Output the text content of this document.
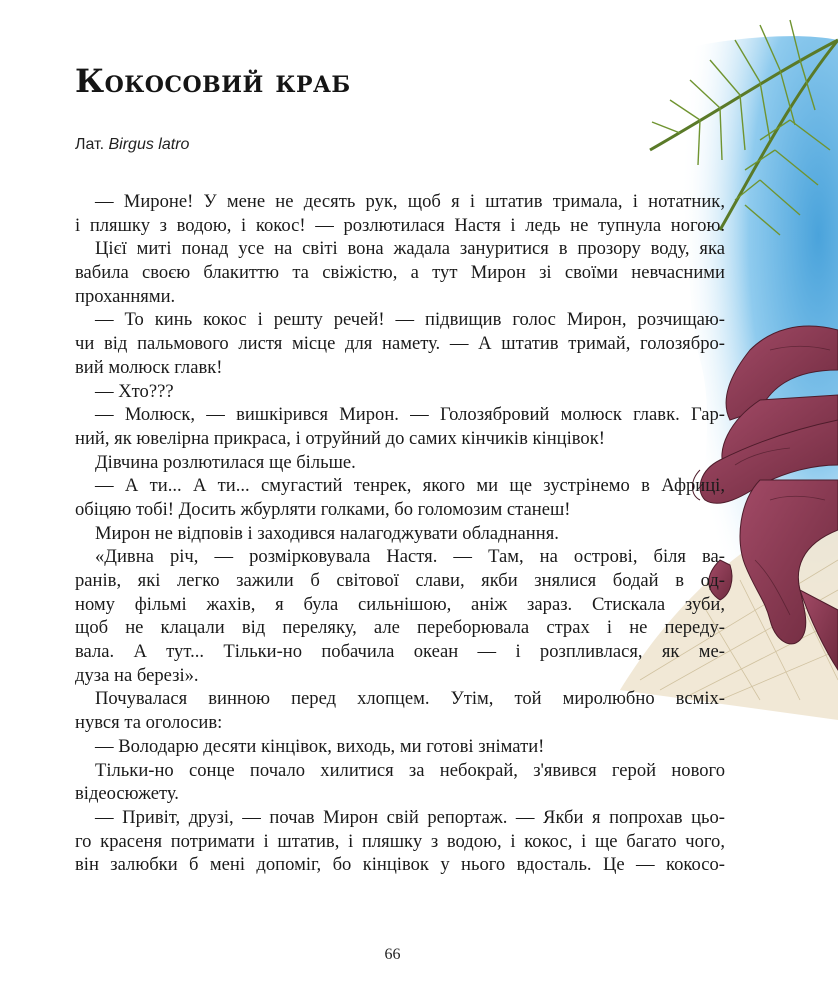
Кокосовий краб
Лат. Birgus latro
— Мироне! У мене не десять рук, щоб я і штатив тримала, і нотатник,
і пляшку з водою, і кокос! — розлютилася Настя і ледь не тупнула ногою.
Цієї миті понад усе на світі вона жадала зануритися в прозору воду, яка
вабила своєю блакиттю та свіжістю, а тут Мирон зі своїми невчасними
проханнями.
— То кинь кокос і решту речей! — підвищив голос Мирон, розчищаю-
чи від пальмового листя місце для намету. — А штатив тримай, голозябро-
вий молюск главк!
— Хто???
— Молюск, — вишкірився Мирон. — Голозябровий молюск главк. Гар-
ний, як ювелірна прикраса, і отруйний до самих кінчиків кінцівок!
Дівчина розлютилася ще більше.
— А ти... А ти... смугастий тенрек, якого ми ще зустрінемо в Африці,
обіцяю тобі! Досить жбурляти голками, бо голомозим станеш!
Мирон не відповів і заходився налагоджувати обладнання.
«Дивна річ, — розмірковувала Настя. — Там, на острові, біля ва-
ранів, які легко зажили б світової слави, якби знялися бодай в од-
ному фільмі жахів, я була сильнішою, аніж зараз. Стискала зуби,
щоб не клацали від переляку, але переборювала страх і не переду-
вала. А тут... Тільки-но побачила океан — і розпливлася, як ме-
дуза на березі».
Почувалася винною перед хлопцем. Утім, той миролюбно всміх-
нувся та оголосив:
— Володарю десяти кінцівок, виходь, ми готові знімати!
Тільки-но сонце почало хилитися за небокрай, з'явився герой нового
відеосюжету.
— Привіт, друзі, — почав Мирон свій репортаж. — Якби я попрохав цьо-
го красеня потримати і штатив, і пляшку з водою, і кокос, і ще багато чого,
він залюбки б мені допоміг, бо кінцівок у нього вдосталь. Це — кокосо-
66
